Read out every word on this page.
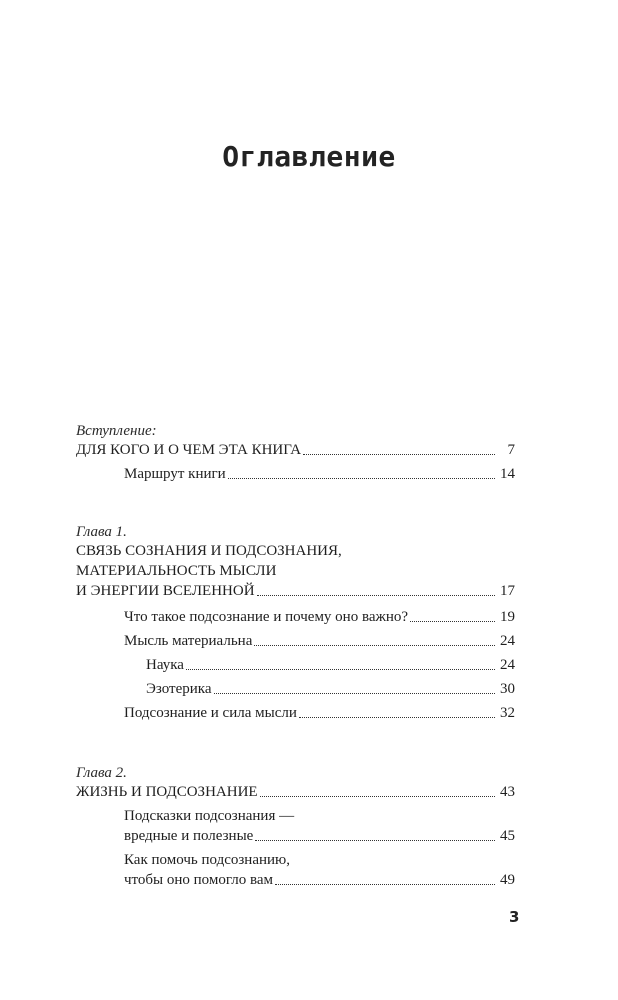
Оглавление
Вступление:
ДЛЯ КОГО И О ЧЕМ ЭТА КНИГА	7
Маршрут книги	14
Глава 1.
СВЯЗЬ СОЗНАНИЯ И ПОДСОЗНАНИЯ,
МАТЕРИАЛЬНОСТЬ МЫСЛИ
И ЭНЕРГИИ ВСЕЛЕННОЙ	17
Что такое подсознание и почему оно важно?	19
Мысль материальна	24
Наука	24
Эзотерика	30
Подсознание и сила мысли	32
Глава 2.
ЖИЗНЬ И ПОДСОЗНАНИЕ	43
Подсказки подсознания —
вредные и полезные	45
Как помочь подсознанию,
чтобы оно помогло вам	49
3
